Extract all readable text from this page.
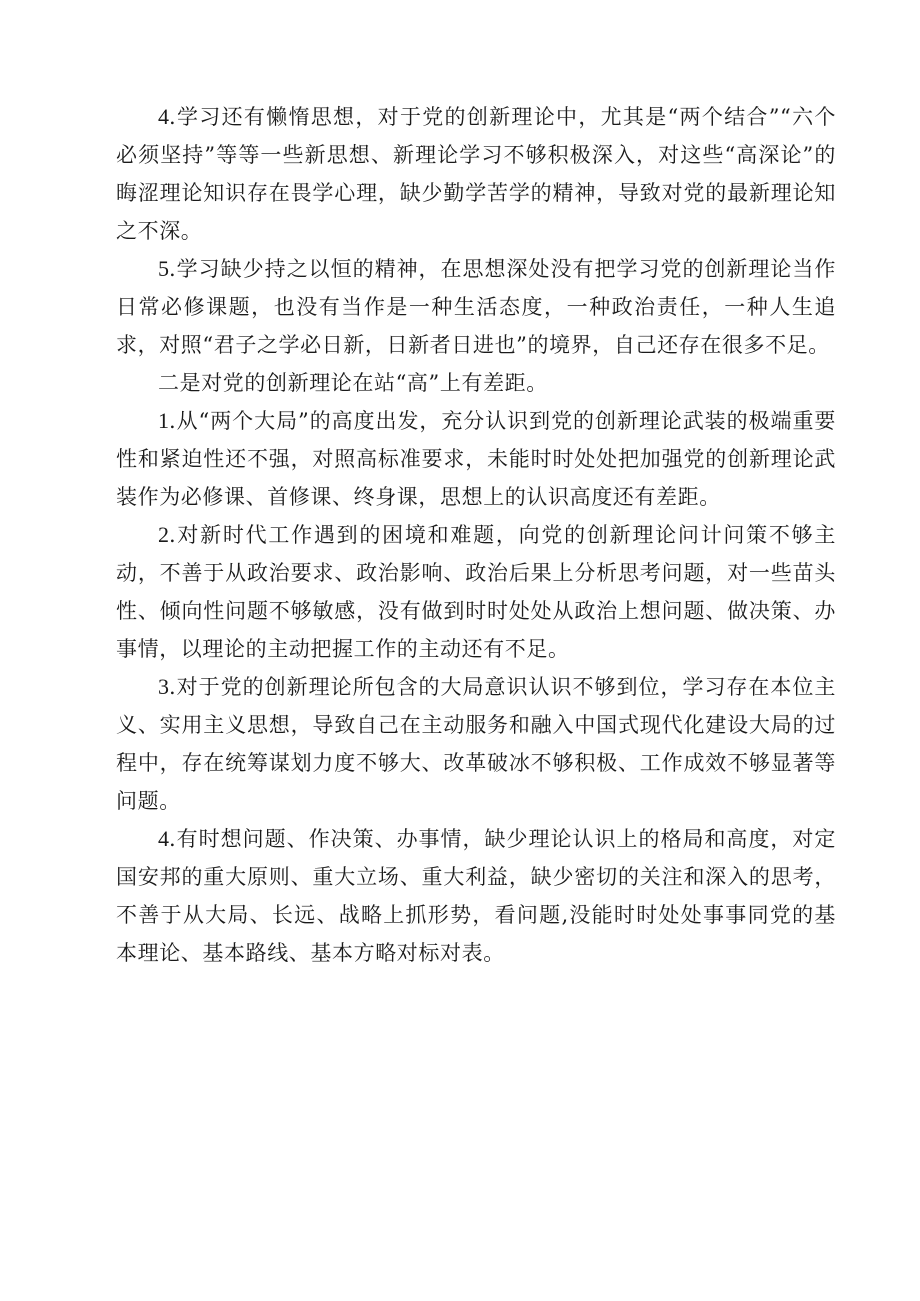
4.学习还有懒惰思想，对于党的创新理论中，尤其是“两个结合”“六个必须坚持”等等一些新思想、新理论学习不够积极深入，对这些“高深论”的晦涩理论知识存在畏学心理，缺少勤学苦学的精神，导致对党的最新理论知之不深。

5.学习缺少持之以恒的精神，在思想深处没有把学习党的创新理论当作日常必修课题，也没有当作是一种生活态度，一种政治责任，一种人生追求，对照“君子之学必日新，日新者日进也”的境界，自己还存在很多不足。

二是对党的创新理论在站“高”上有差距。

1.从“两个大局”的高度出发，充分认识到党的创新理论武装的极端重要性和紧迫性还不强，对照高标准要求，未能时时处处把加强党的创新理论武装作为必修课、首修课、终身课，思想上的认识高度还有差距。

2.对新时代工作遇到的困境和难题，向党的创新理论问计问策不够主动，不善于从政治要求、政治影响、政治后果上分析思考问题，对一些苗头性、倾向性问题不够敏感，没有做到时时处处从政治上想问题、做决策、办事情，以理论的主动把握工作的主动还有不足。

3.对于党的创新理论所包含的大局意识认识不够到位，学习存在本位主义、实用主义思想，导致自己在主动服务和融入中国式现代化建设大局的过程中，存在统筹谋划力度不够大、改革破冰不够积极、工作成效不够显著等问题。

4.有时想问题、作决策、办事情，缺少理论认识上的格局和高度，对定国安邦的重大原则、重大立场、重大利益，缺少密切的关注和深入的思考，不善于从大局、长远、战略上抓形势，看问题,没能时时处处事事同党的基本理论、基本路线、基本方略对标对表。
